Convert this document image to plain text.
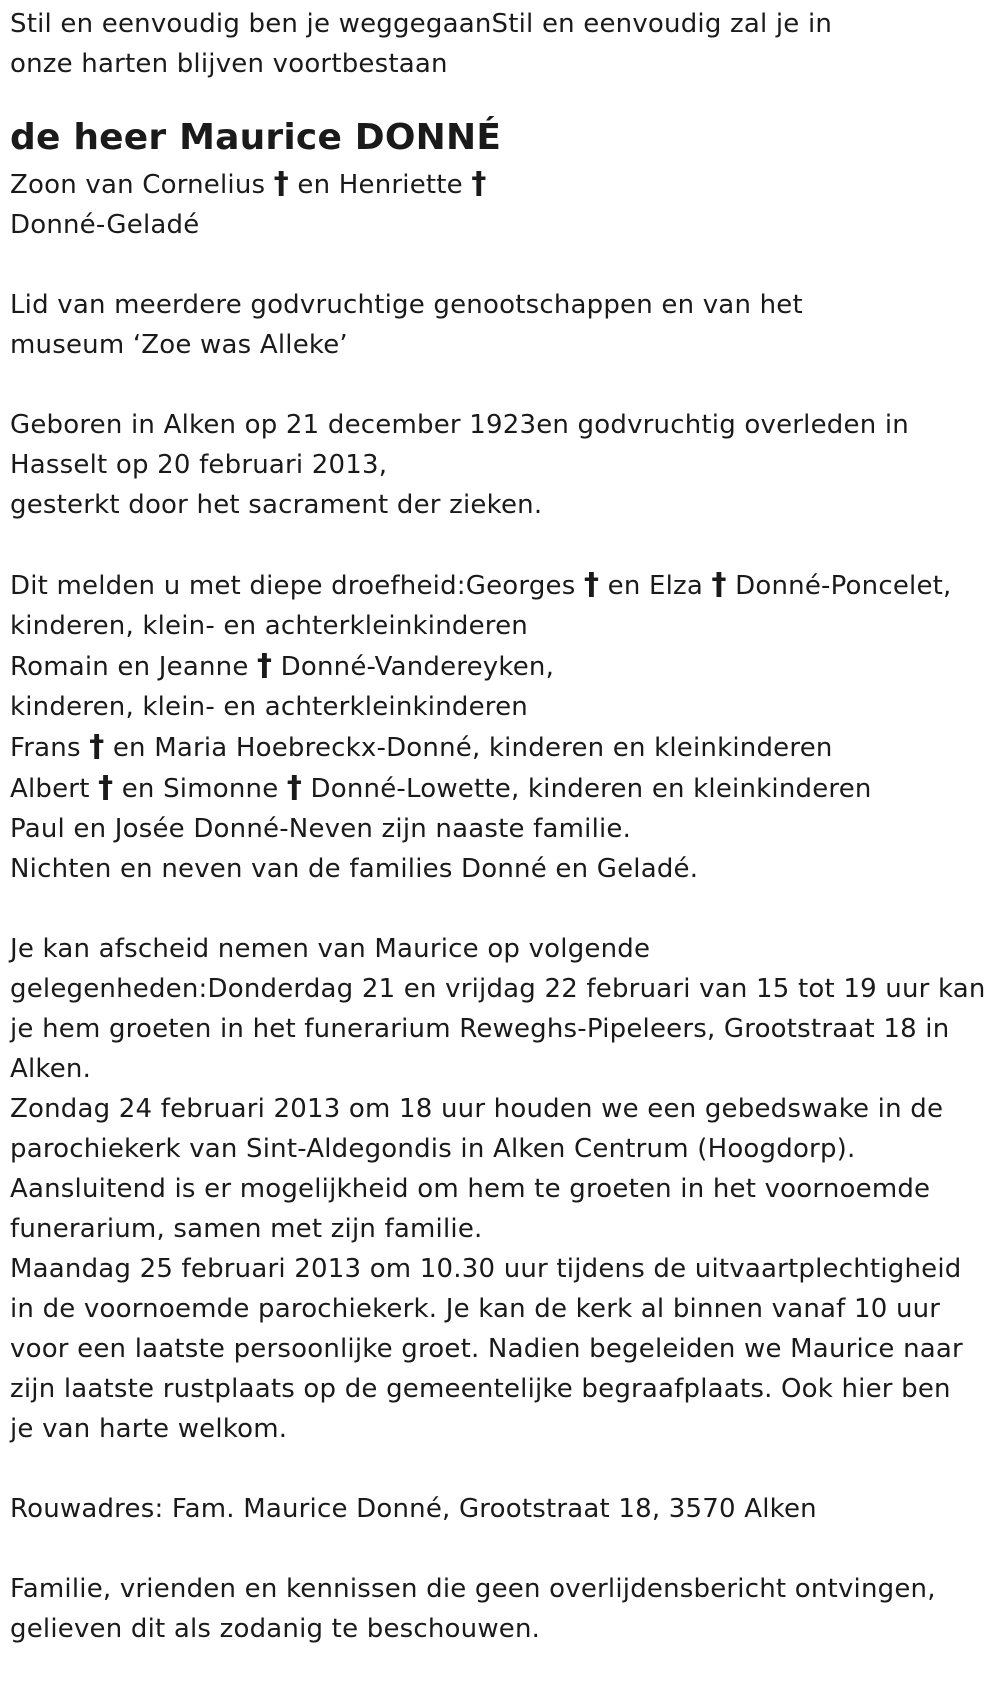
Stil en eenvoudig ben je weggegaanStil en eenvoudig zal je in
onze harten blijven voortbestaan
de heer Maurice DONNÉ
Zoon van Cornelius † en Henriette †
Donné-Geladé
Lid van meerdere godvruchtige genootschappen en van het
museum ‘Zoe was Alleke’
Geboren in Alken op 21 december 1923en godvruchtig overleden in
Hasselt op 20 februari 2013,
gesterkt door het sacrament der zieken.
Dit melden u met diepe droefheid:Georges † en Elza † Donné-Poncelet,
kinderen, klein- en achterkleinkinderen
Romain en Jeanne † Donné-Vandereyken,
kinderen, klein- en achterkleinkinderen
Frans † en Maria Hoebreckx-Donné, kinderen en kleinkinderen
Albert † en Simonne † Donné-Lowette, kinderen en kleinkinderen
Paul en Josée Donné-Neven zijn naaste familie.
Nichten en neven van de families Donné en Geladé.
Je kan afscheid nemen van Maurice op volgende
gelegenheden:Donderdag 21 en vrijdag 22 februari van 15 tot 19 uur kan
je hem groeten in het funerarium Reweghs-Pipeleers, Grootstraat 18 in
Alken.
Zondag 24 februari 2013 om 18 uur houden we een gebedswake in de
parochiekerk van Sint-Aldegondis in Alken Centrum (Hoogdorp).
Aansluitend is er mogelijkheid om hem te groeten in het voornoemde
funerarium, samen met zijn familie.
Maandag 25 februari 2013 om 10.30 uur tijdens de uitvaartplechtigheid
in de voornoemde parochiekerk. Je kan de kerk al binnen vanaf 10 uur
voor een laatste persoonlijke groet. Nadien begeleiden we Maurice naar
zijn laatste rustplaats op de gemeentelijke begraafplaats. Ook hier ben
je van harte welkom.
Rouwadres: Fam. Maurice Donné, Grootstraat 18, 3570 Alken
Familie, vrienden en kennissen die geen overlijdensbericht ontvingen,
gelieven dit als zodanig te beschouwen.
